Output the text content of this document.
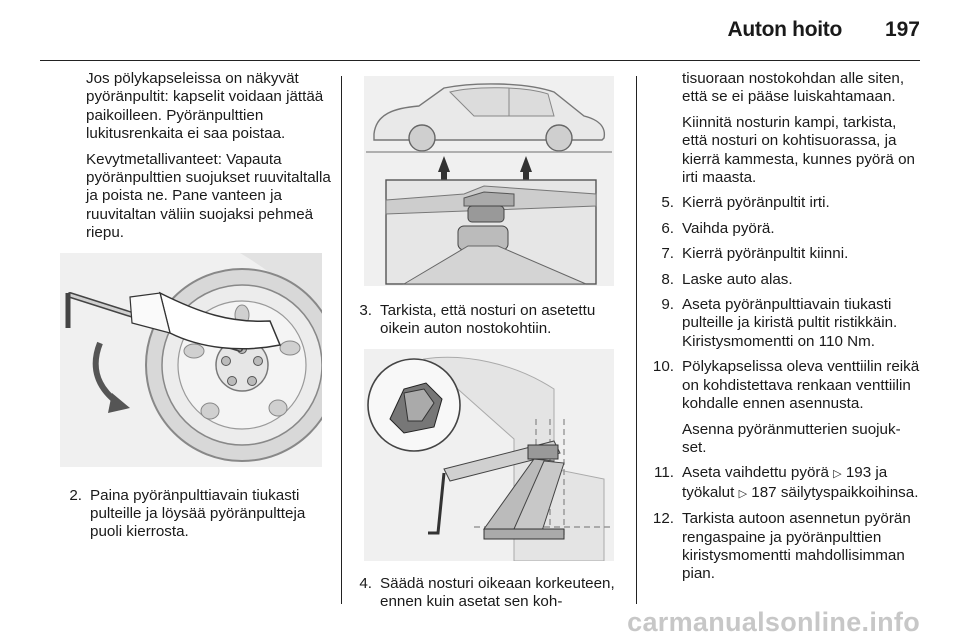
Auton hoito 197

Jos pölykapseleissa on näkyvät pyöränpultit: kapselit voidaan jättää paikoilleen. Pyöränpulttien lukitusrenkaita ei saa poistaa.

Kevytmetallivanteet: Vapauta pyöränpulttien suojukset ruuvitaltalla ja poista ne. Pane vanteen ja ruuvitaltan väliin suojaksi pehmeä riepu.

2. Paina pyöränpulttiavain tiukasti pulteille ja löysää pyöränpultteja puoli kierrosta.
3. Tarkista, että nosturi on asetettu oikein auton nostokohtiin.
4. Säädä nosturi oikeaan korkeuteen, ennen kuin asetat sen koh-

tisuoraan nostokohdan alle siten, että se ei pääse luiskahtamaan.

Kiinnitä nosturin kampi, tarkista, että nosturi on kohtisuorassa, ja kierrä kammesta, kunnes pyörä on irti maasta.

5. Kierrä pyöränpultit irti.
6. Vaihda pyörä.
7. Kierrä pyöränpultit kiinni.
8. Laske auto alas.
9. Aseta pyöränpulttiavain tiukasti pulteille ja kiristä pultit ristikkäin. Kiristysmomentti on 110 Nm.
10. Pölykapselissa oleva venttiilin reikä on kohdistettava renkaan venttiilin kohdalle ennen asennusta.

Asenna pyöränmutterien suojukset.

11. Aseta vaihdettu pyörä ▷ 193 ja työkalut ▷ 187 säilytyspaikkoihinsa.
12. Tarkista autoon asennetun pyörän rengaspaine ja pyöränpulttien kiristysmomentti mahdollisimman pian.
carmanualsonline.info
